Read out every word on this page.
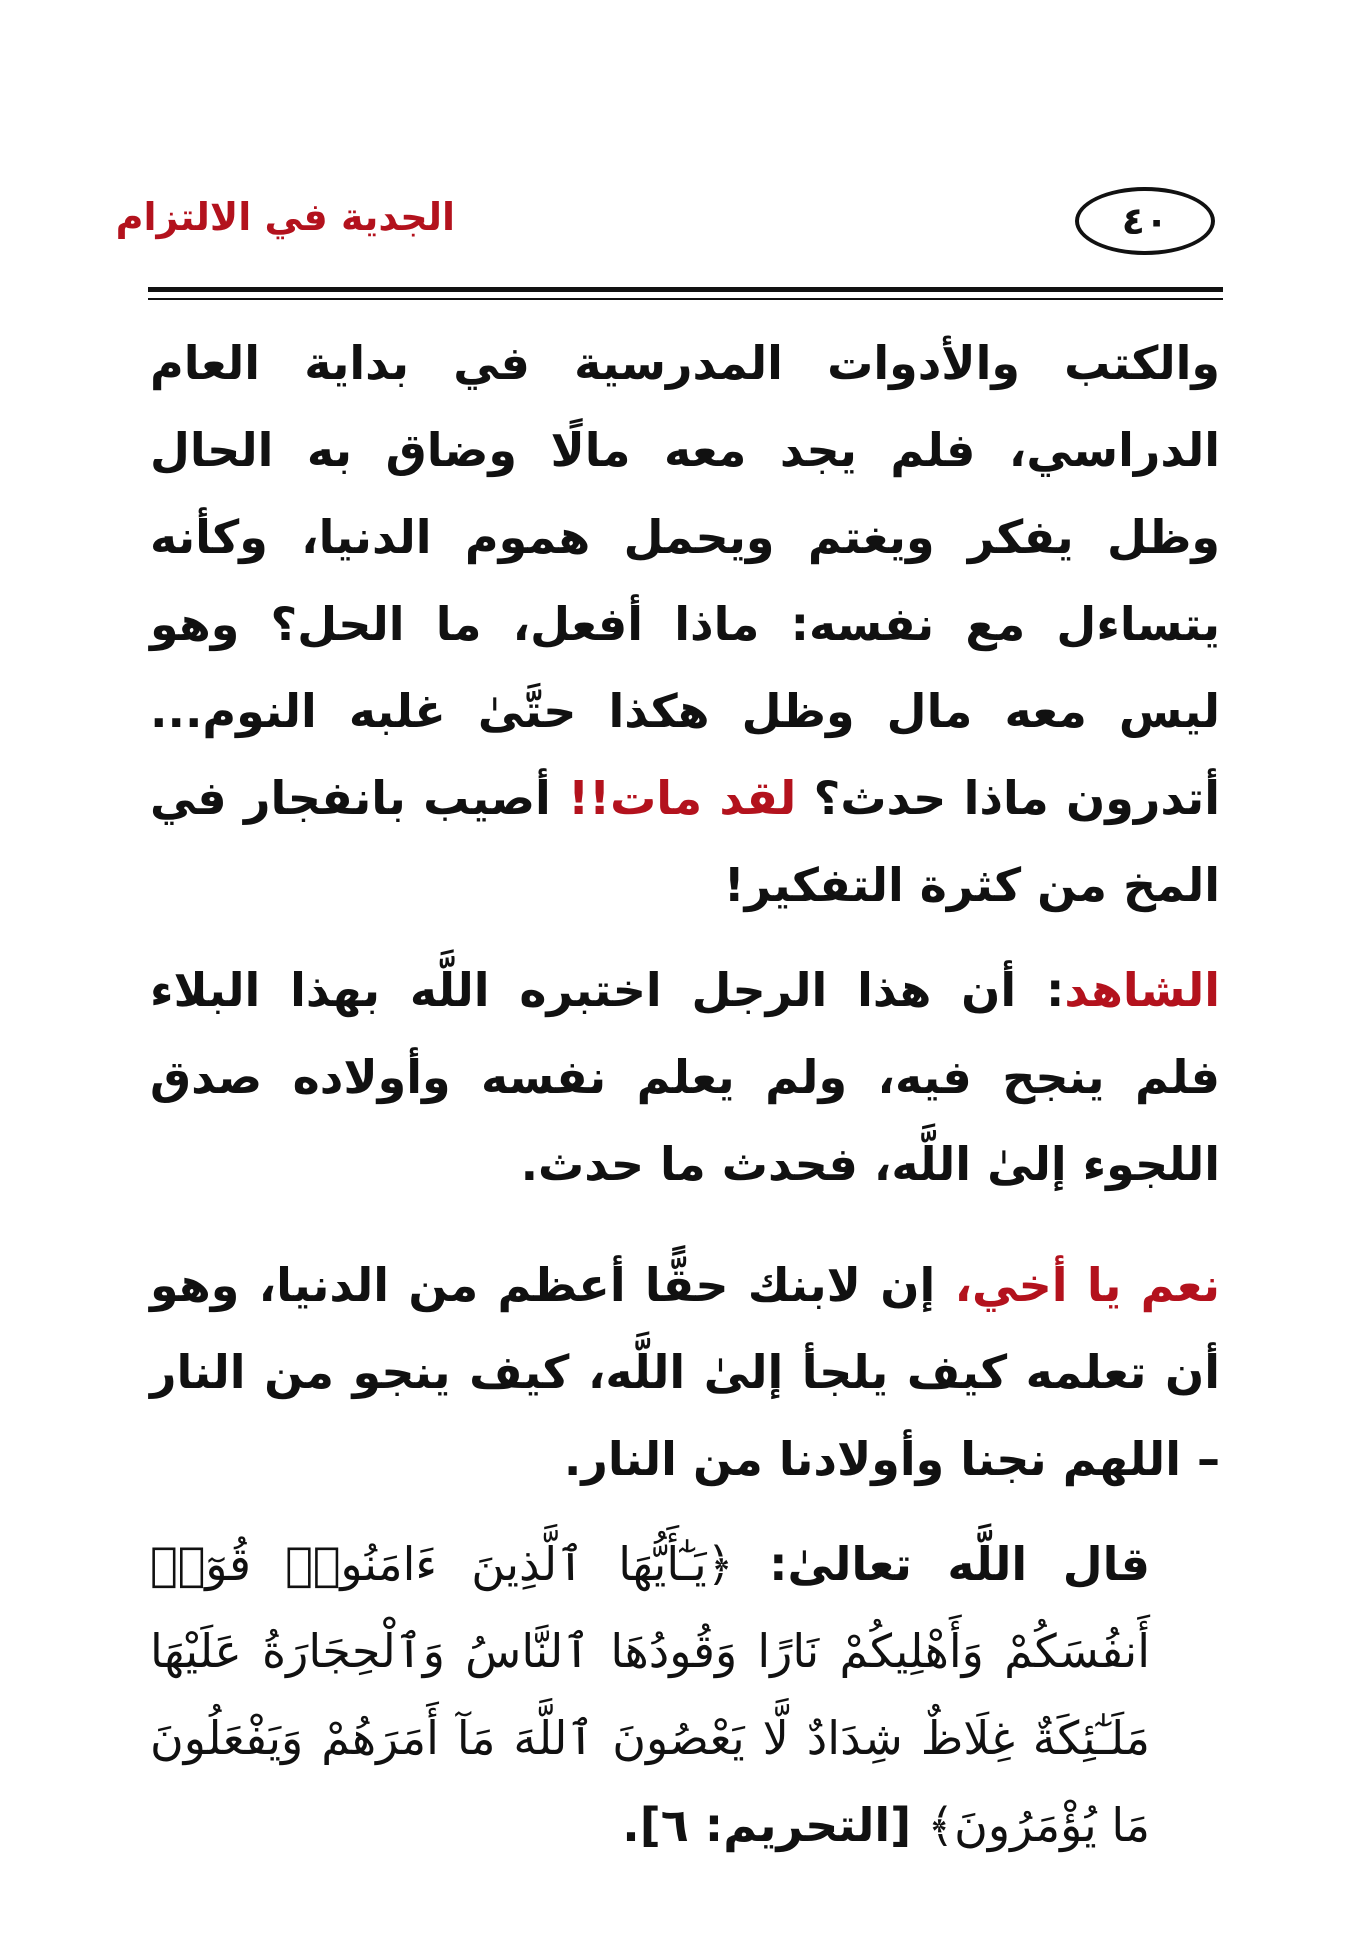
٤٠
الجدية في الالتزام

والكتب والأدوات المدرسية في بداية العام الدراسي، فلم يجد معه مالًا وضاق به الحال وظل يفكر ويغتم ويحمل هموم الدنيا، وكأنه يتساءل مع نفسه: ماذا أفعل، ما الحل؟ وهو ليس معه مال وظل هكذا حتَّىٰ غلبه النوم... أتدرون ماذا حدث؟ لقد مات!! أصيب بانفجار في المخ من كثرة التفكير!

الشاهد: أن هذا الرجل اختبره اللَّه بهذا البلاء فلم ينجح فيه، ولم يعلم نفسه وأولاده صدق اللجوء إلىٰ اللَّه، فحدث ما حدث.

نعم يا أخي، إن لابنك حقًّا أعظم من الدنيا، وهو أن تعلمه كيف يلجأ إلىٰ اللَّه، كيف ينجو من النار – اللهم نجنا وأولادنا من النار.

قال اللَّه تعالىٰ: ﴿يَـٰٓأَيُّهَا ٱلَّذِينَ ءَامَنُوا۟ قُوٓا۟ أَنفُسَكُمْ وَأَهْلِيكُمْ نَارًا وَقُودُهَا ٱلنَّاسُ وَٱلْحِجَارَةُ عَلَيْهَا مَلَـٰٓئِكَةٌ غِلَاظٌ شِدَادٌ لَّا يَعْصُونَ ٱللَّهَ مَآ أَمَرَهُمْ وَيَفْعَلُونَ مَا يُؤْمَرُونَ﴾ [التحريم: ٦].
